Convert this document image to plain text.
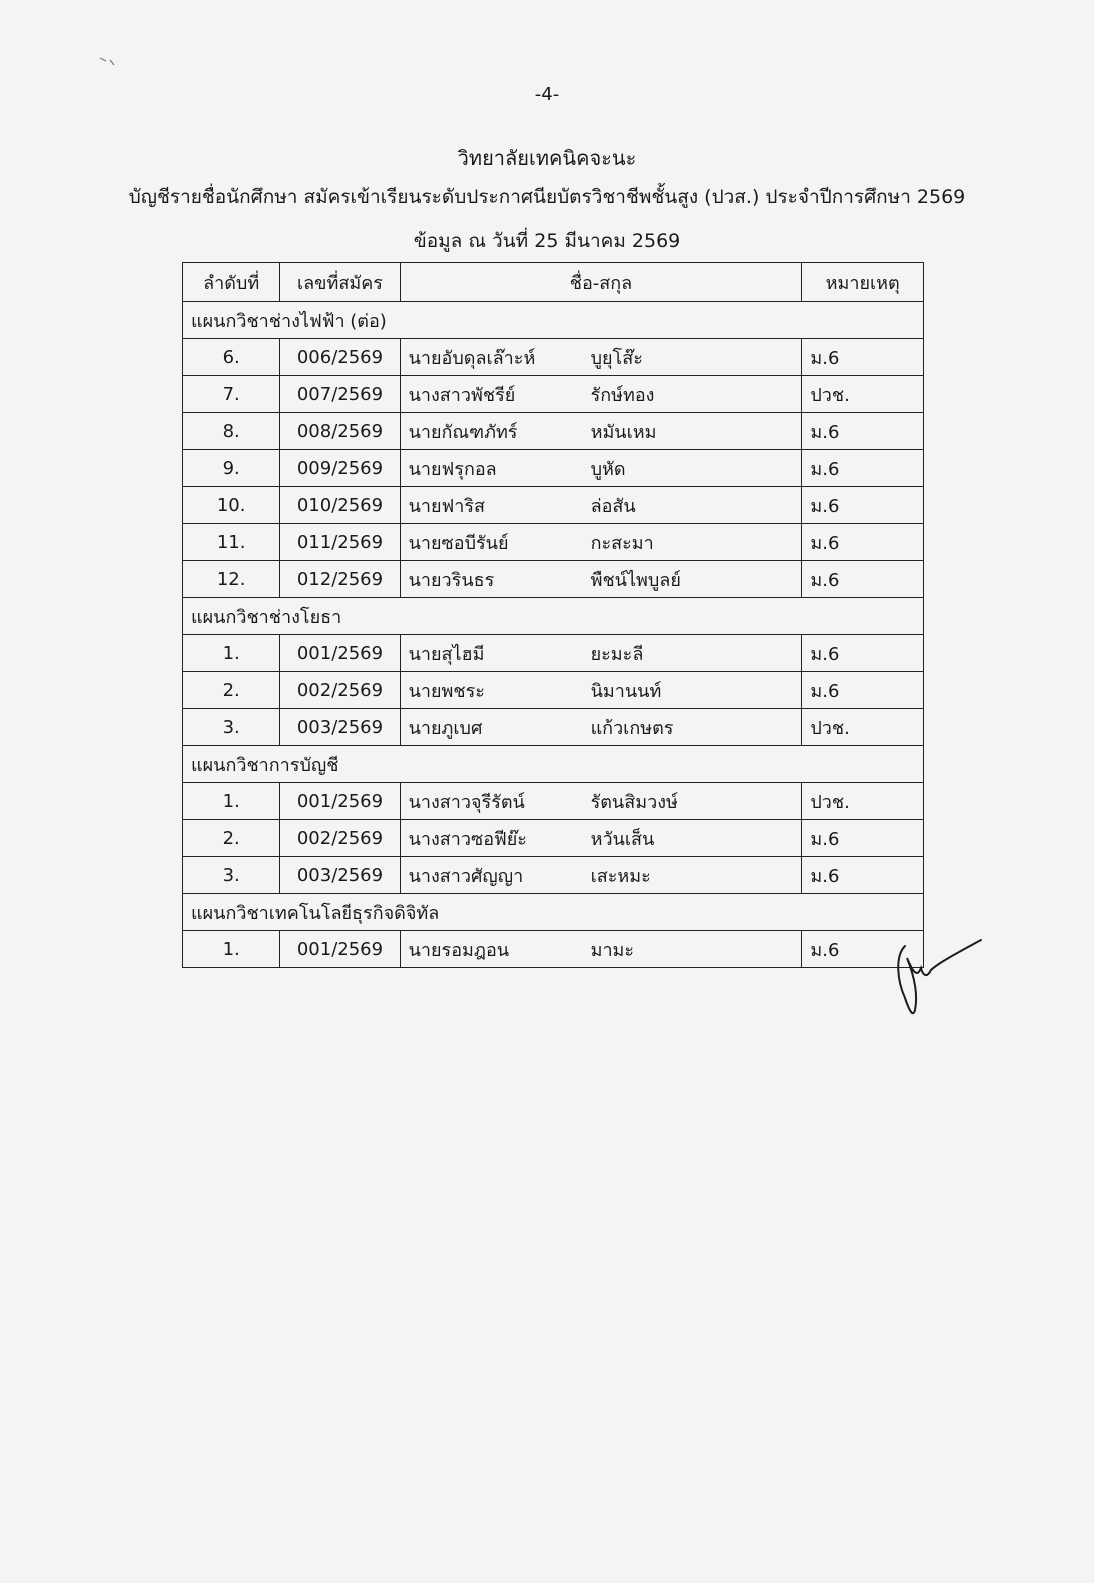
-4-
วิทยาลัยเทคนิคจะนะ
บัญชีรายชื่อนักศึกษา สมัครเข้าเรียนระดับประกาศนียบัตรวิชาชีพชั้นสูง (ปวส.) ประจำปีการศึกษา 2569
ข้อมูล ณ วันที่ 25 มีนาคม 2569
ลำดับที่	เลขที่สมัคร	ชื่อ-สกุล	หมายเหตุ
แผนกวิชาช่างไฟฟ้า (ต่อ)			
6.	006/2569	นายอับดุลเล๊าะห์ บูยุโส๊ะ	ม.6
7.	007/2569	นางสาวพัชรีย์ รักษ์ทอง	ปวช.
8.	008/2569	นายกัณฑภัทร์ หมันเหม	ม.6
9.	009/2569	นายฟรุกอล บูหัด	ม.6
10.	010/2569	นายฟาริส ล่อสัน	ม.6
11.	011/2569	นายซอบีรันย์ กะสะมา	ม.6
12.	012/2569	นายวรินธร พืชน์ไพบูลย์	ม.6
แผนกวิชาช่างโยธา			
1.	001/2569	นายสุไฮมี ยะมะลี	ม.6
2.	002/2569	นายพชระ นิมานนท์	ม.6
3.	003/2569	นายภูเบศ แก้วเกษตร	ปวช.
แผนกวิชาการบัญชี			
1.	001/2569	นางสาวจุรีรัตน์ รัตนสิมวงษ์	ปวช.
2.	002/2569	นางสาวซอฟีย๊ะ หวันเส็น	ม.6
3.	003/2569	นางสาวศัญญา เสะหมะ	ม.6
แผนกวิชาเทคโนโลยีธุรกิจดิจิทัล			
1.	001/2569	นายรอมฎอน มามะ	ม.6
